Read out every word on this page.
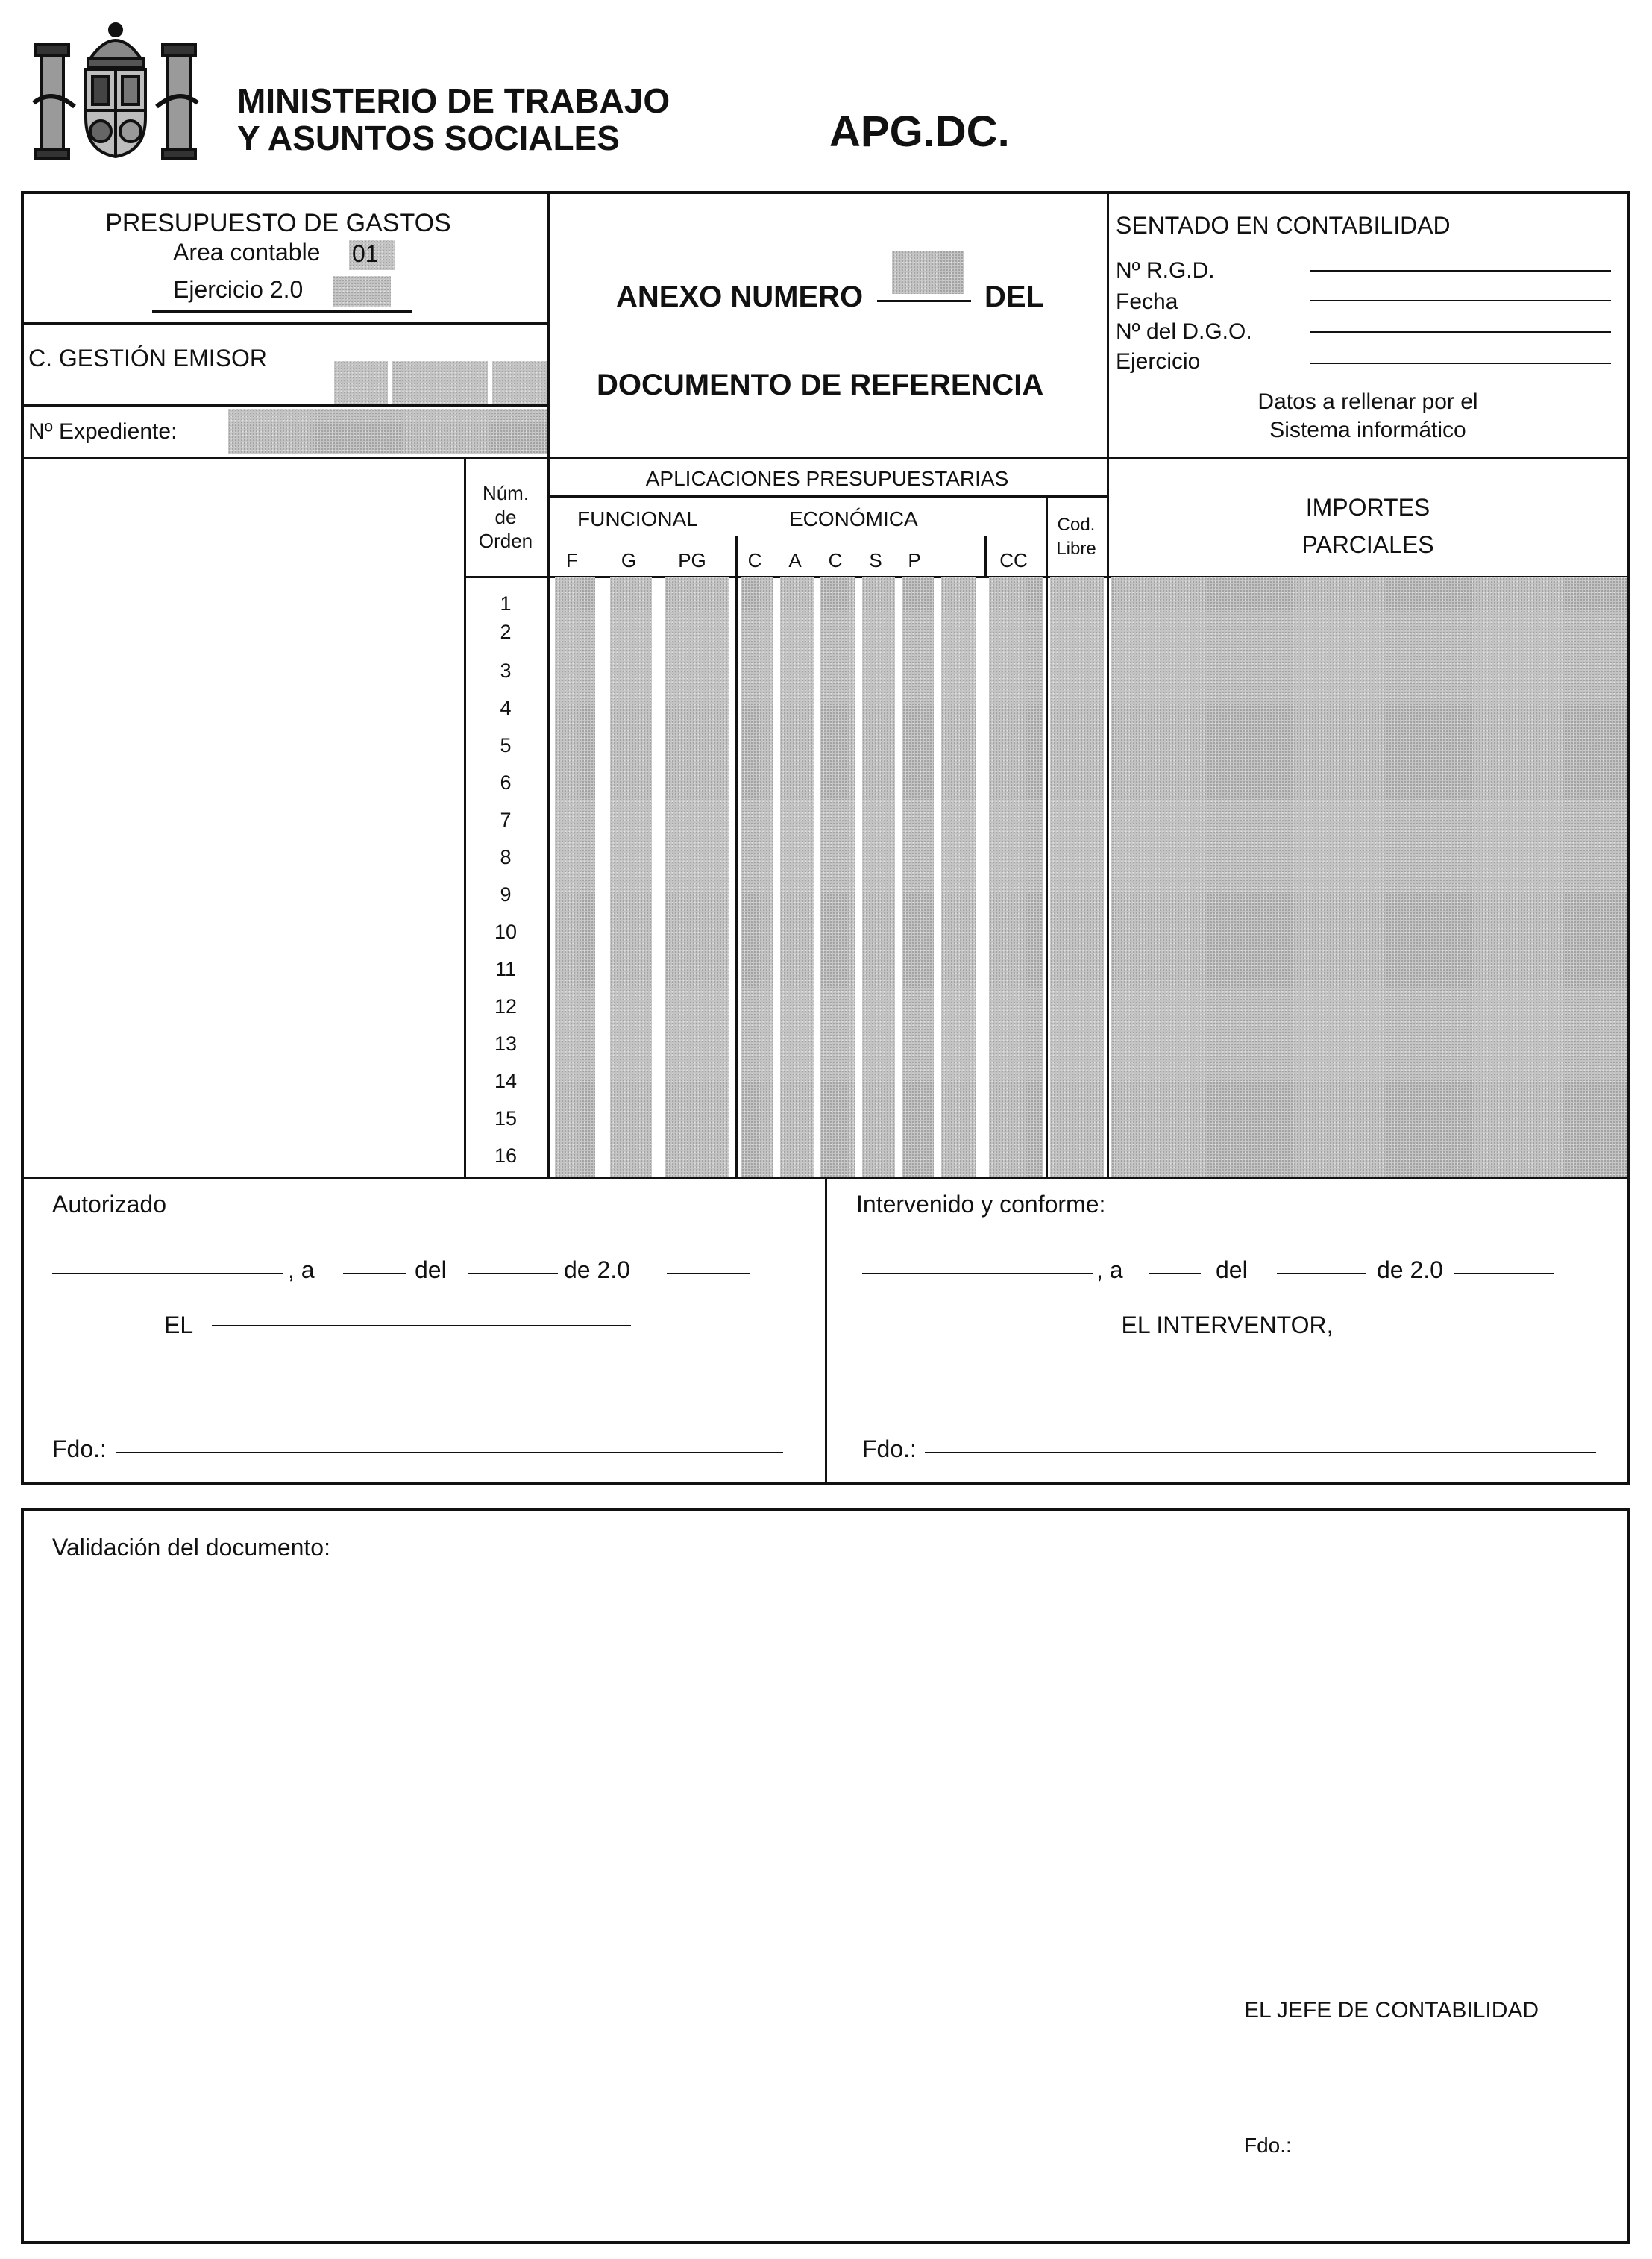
MINISTERIO DE TRABAJO
Y ASUNTOS SOCIALES	APG.DC.
PRESUPUESTO DE GASTOS
Area contable 01
Ejercicio 2.0
C. GESTIÓN EMISOR
Nº Expediente:
ANEXO NUMERO	DEL
DOCUMENTO DE REFERENCIA
SENTADO EN CONTABILIDAD
Nº R.G.D.
Fecha
Nº del D.G.O.
Ejercicio
Datos a rellenar por el
Sistema informático
Núm.
de
Orden
APLICACIONES PRESUPUESTARIAS
FUNCIONAL	ECONÓMICA	Cod.
Libre
IMPORTES
PARCIALES
F	G	PG	C	A	C	S	P	CC
1
2
3
4
5
6
7
8
9
10
11
12
13
14
15
16
Autorizado
, a	del	de 2.0
EL
Fdo.:
Intervenido y conforme:
, a	del	de 2.0
EL INTERVENTOR,
Fdo.:
Validación del documento:
EL JEFE DE CONTABILIDAD
Fdo.:
